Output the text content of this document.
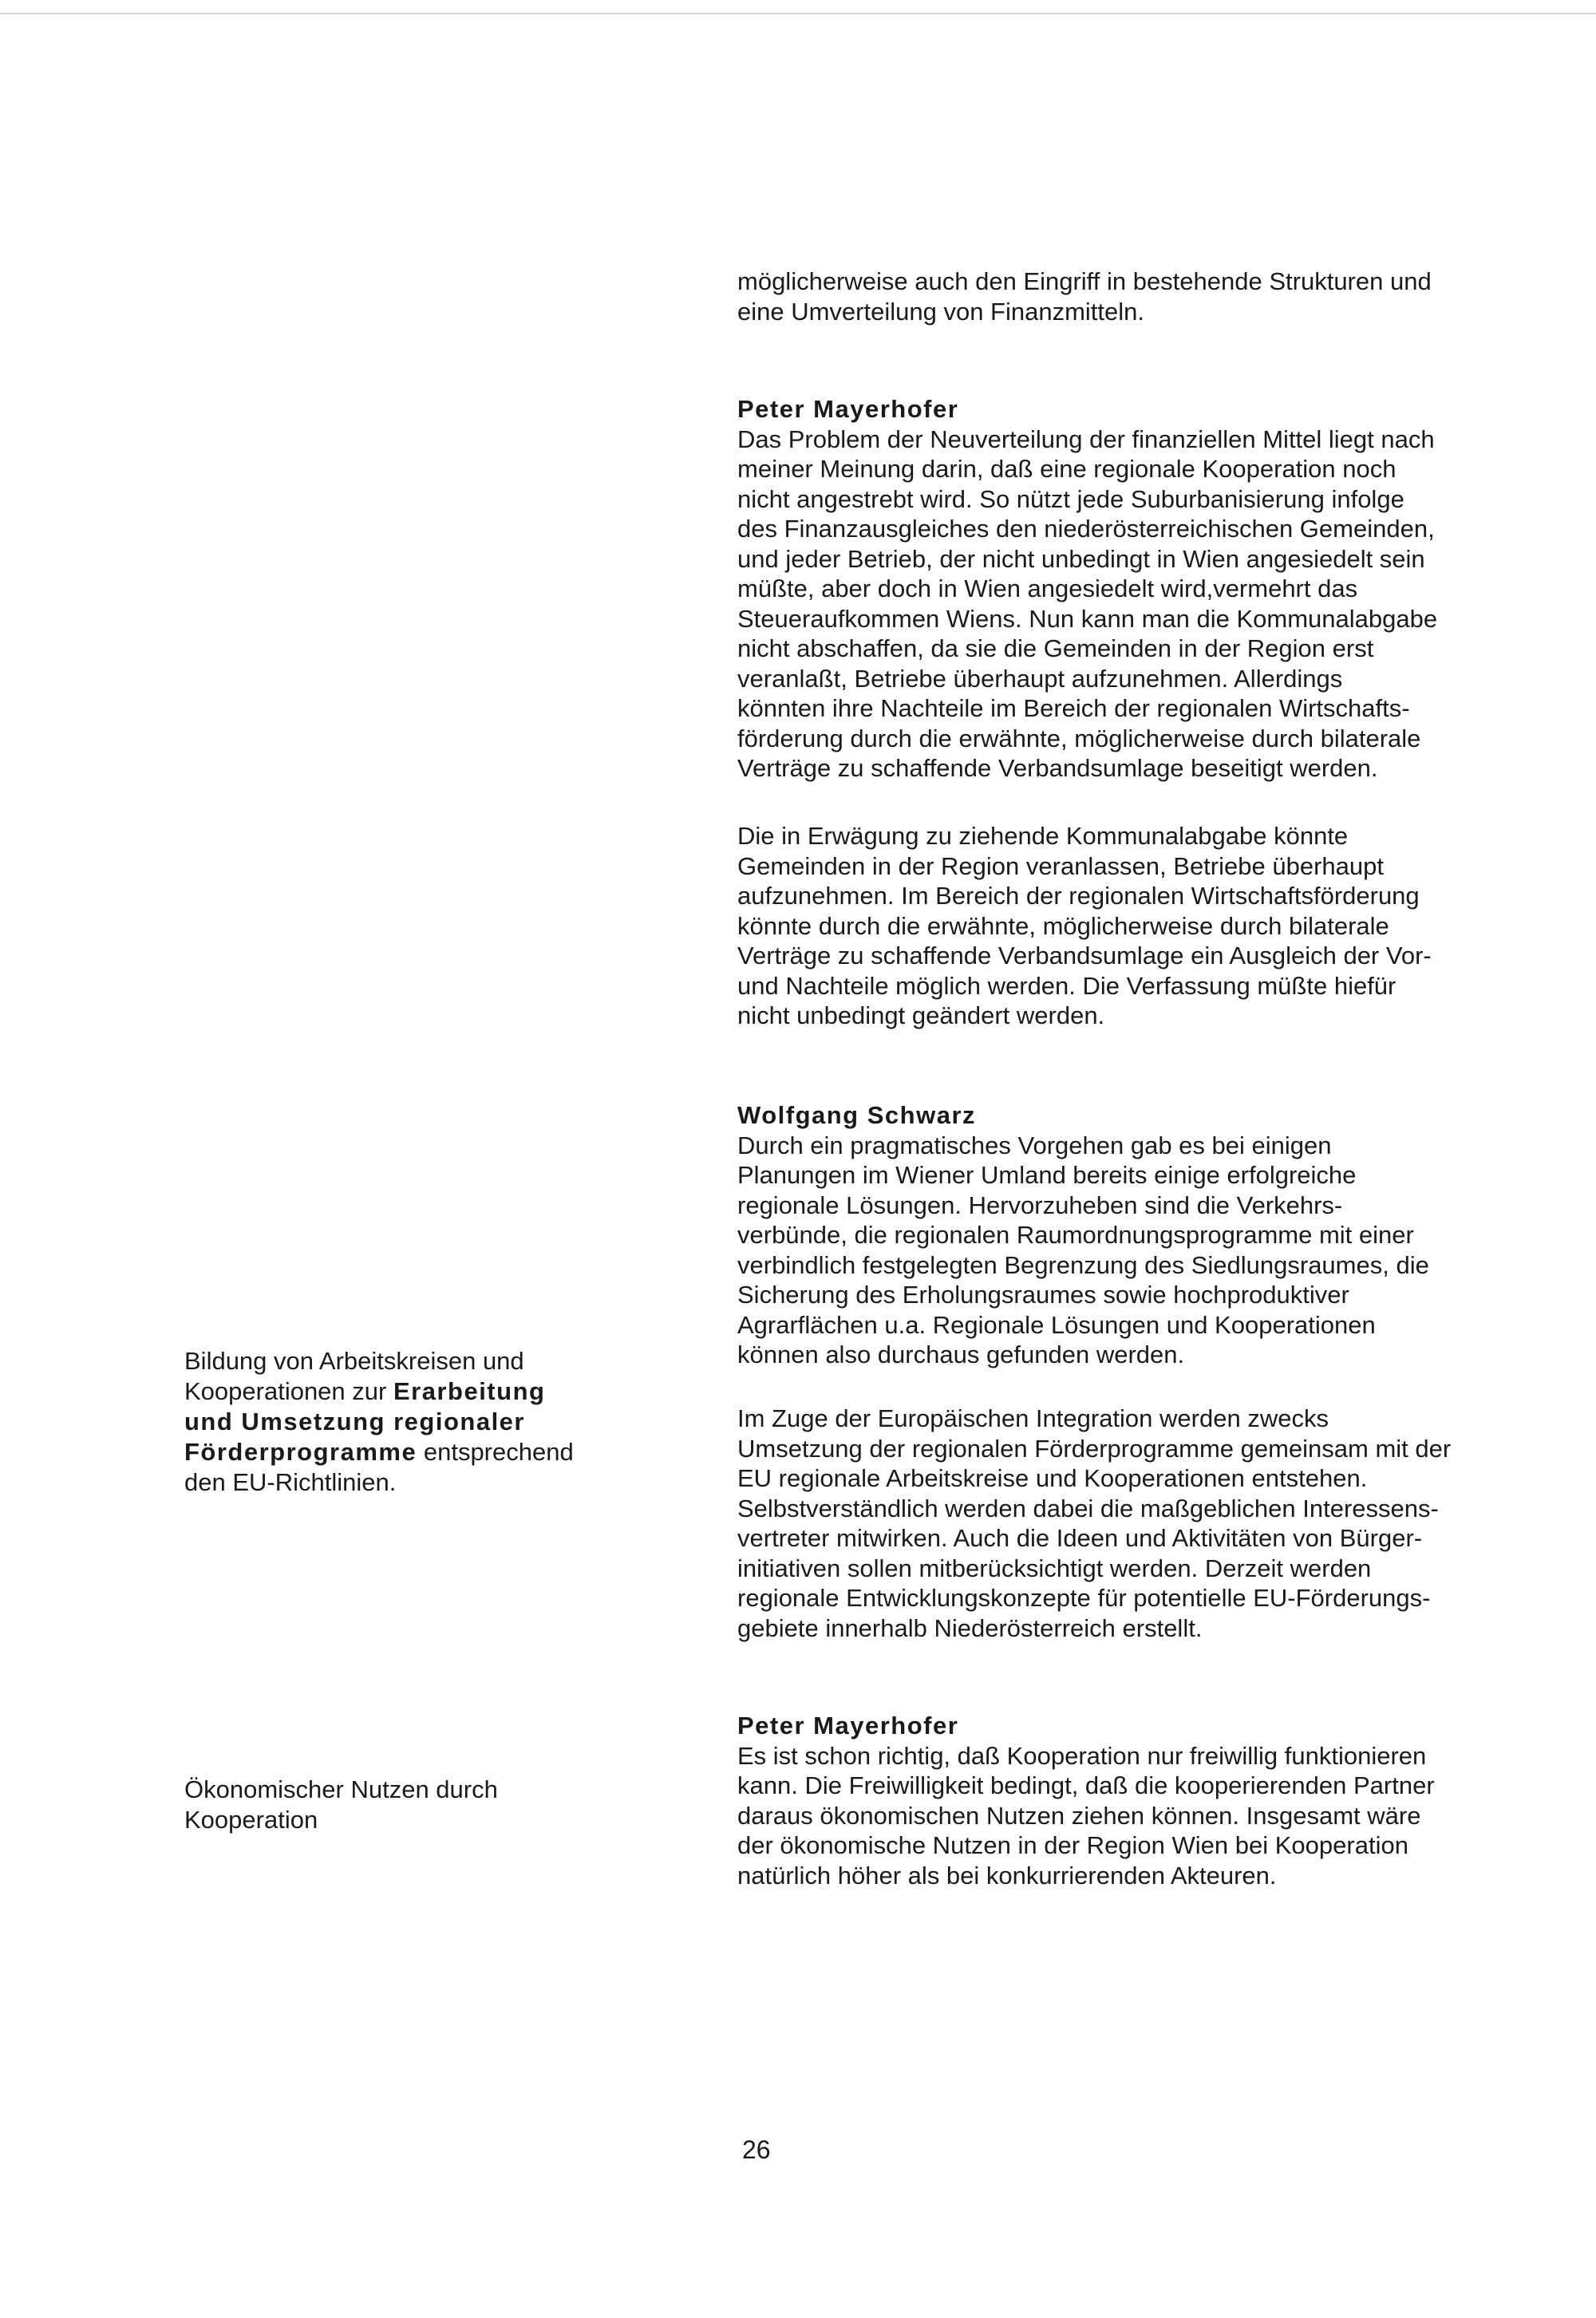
möglicherweise auch den Eingriff in bestehende Strukturen und

eine Umverteilung von Finanzmitteln.

Peter Mayerhofer

Das Problem der Neuverteilung der finanziellen Mittel liegt nach

meiner Meinung darin, daß eine regionale Kooperation noch

nicht angestrebt wird. So nützt jede Suburbanisierung infolge

des Finanzausgleiches den niederösterreichischen Gemeinden,

und jeder Betrieb, der nicht unbedingt in Wien angesiedelt sein

müßte, aber doch in Wien angesiedelt wird,vermehrt das

Steueraufkommen Wiens. Nun kann man die Kommunalabgabe

nicht abschaffen, da sie die Gemeinden in der Region erst

veranlaßt, Betriebe überhaupt aufzunehmen. Allerdings

könnten ihre Nachteile im Bereich der regionalen Wirtschafts-

förderung durch die erwähnte, möglicherweise durch bilaterale

Verträge zu schaffende Verbandsumlage beseitigt werden.

Die in Erwägung zu ziehende Kommunalabgabe könnte

Gemeinden in der Region veranlassen, Betriebe überhaupt

aufzunehmen. Im Bereich der regionalen Wirtschaftsförderung

könnte durch die erwähnte, möglicherweise durch bilaterale

Verträge zu schaffende Verbandsumlage ein Ausgleich der Vor-

und Nachteile möglich werden. Die Verfassung müßte hiefür

nicht unbedingt geändert werden.

Wolfgang Schwarz

Durch ein pragmatisches Vorgehen gab es bei einigen

Planungen im Wiener Umland bereits einige erfolgreiche

regionale Lösungen. Hervorzuheben sind die Verkehrs-

verbünde, die regionalen Raumordnungsprogramme mit einer

verbindlich festgelegten Begrenzung des Siedlungsraumes, die

Sicherung des Erholungsraumes sowie hochproduktiver

Agrarflächen u.a. Regionale Lösungen und Kooperationen

können also durchaus gefunden werden.

Im Zuge der Europäischen Integration werden zwecks

Umsetzung der regionalen Förderprogramme gemeinsam mit der

EU regionale Arbeitskreise und Kooperationen entstehen.

Selbstverständlich werden dabei die maßgeblichen Interessens-

vertreter mitwirken. Auch die Ideen und Aktivitäten von Bürger-

initiativen sollen mitberücksichtigt werden. Derzeit werden

regionale Entwicklungskonzepte für potentielle EU-Förderungs-

gebiete innerhalb Niederösterreich erstellt.

Peter Mayerhofer

Es ist schon richtig, daß Kooperation nur freiwillig funktionieren

kann. Die Freiwilligkeit bedingt, daß die kooperierenden Partner

daraus ökonomischen Nutzen ziehen können. Insgesamt wäre

der ökonomische Nutzen in der Region Wien bei Kooperation

natürlich höher als bei konkurrierenden Akteuren.

Bildung von Arbeitskreisen und

Kooperationen zur Erarbeitung

und Umsetzung regionaler

Förderprogramme entsprechend

den EU-Richtlinien.

Ökonomischer Nutzen durch

Kooperation

26
